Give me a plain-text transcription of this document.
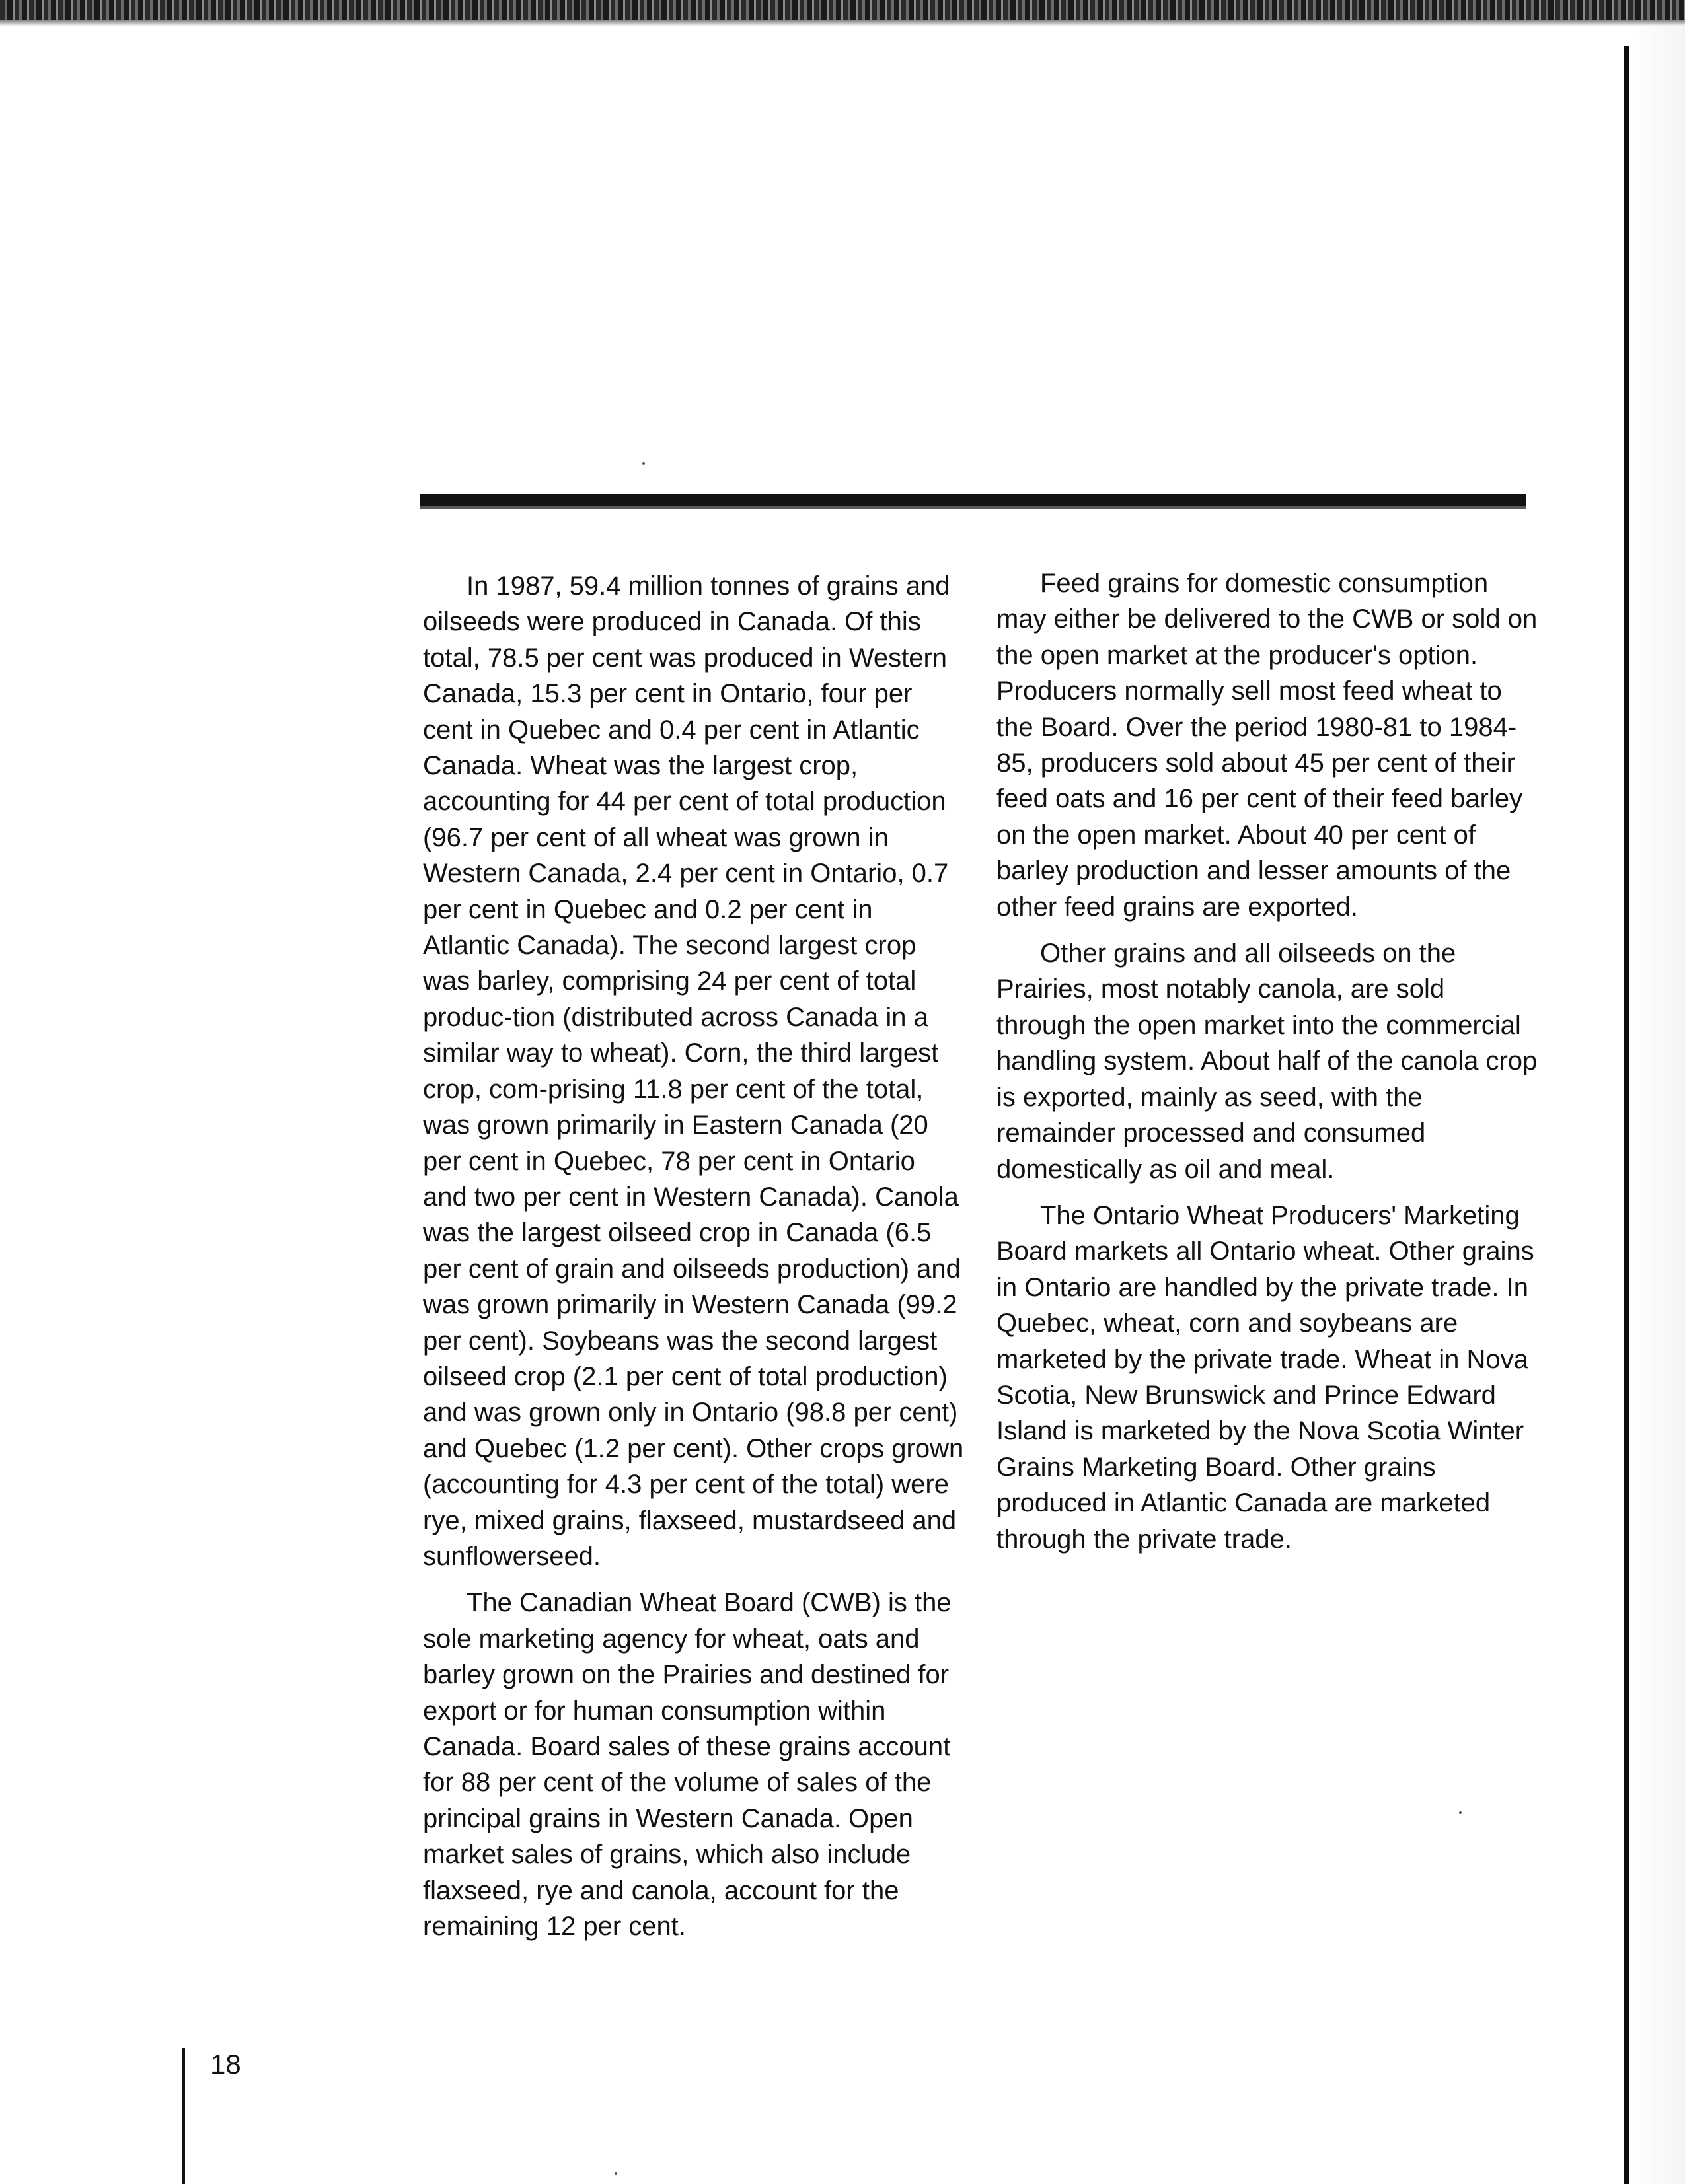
In 1987, 59.4 million tonnes of grains and oilseeds were produced in Canada. Of this total, 78.5 per cent was produced in Western Canada, 15.3 per cent in Ontario, four per cent in Quebec and 0.4 per cent in Atlantic Canada. Wheat was the largest crop, accounting for 44 per cent of total production (96.7 per cent of all wheat was grown in Western Canada, 2.4 per cent in Ontario, 0.7 per cent in Quebec and 0.2 per cent in Atlantic Canada). The second largest crop was barley, comprising 24 per cent of total produc-tion (distributed across Canada in a similar way to wheat). Corn, the third largest crop, com-prising 11.8 per cent of the total, was grown primarily in Eastern Canada (20 per cent in Quebec, 78 per cent in Ontario and two per cent in Western Canada). Canola was the largest oilseed crop in Canada (6.5 per cent of grain and oilseeds production) and was grown primarily in Western Canada (99.2 per cent). Soybeans was the second largest oilseed crop (2.1 per cent of total production) and was grown only in Ontario (98.8 per cent) and Quebec (1.2 per cent). Other crops grown (accounting for 4.3 per cent of the total) were rye, mixed grains, flaxseed, mustardseed and sunflowerseed.

The Canadian Wheat Board (CWB) is the sole marketing agency for wheat, oats and barley grown on the Prairies and destined for export or for human consumption within Canada. Board sales of these grains account for 88 per cent of the volume of sales of the principal grains in Western Canada. Open market sales of grains, which also include flaxseed, rye and canola, account for the remaining 12 per cent.

Feed grains for domestic consumption may either be delivered to the CWB or sold on the open market at the producer's option. Producers normally sell most feed wheat to the Board. Over the period 1980-81 to 1984-85, producers sold about 45 per cent of their feed oats and 16 per cent of their feed barley on the open market. About 40 per cent of barley production and lesser amounts of the other feed grains are exported.

Other grains and all oilseeds on the Prairies, most notably canola, are sold through the open market into the commercial handling system. About half of the canola crop is exported, mainly as seed, with the remainder processed and consumed domestically as oil and meal.

The Ontario Wheat Producers' Marketing Board markets all Ontario wheat. Other grains in Ontario are handled by the private trade. In Quebec, wheat, corn and soybeans are marketed by the private trade. Wheat in Nova Scotia, New Brunswick and Prince Edward Island is marketed by the Nova Scotia Winter Grains Marketing Board. Other grains produced in Atlantic Canada are marketed through the private trade.

18
